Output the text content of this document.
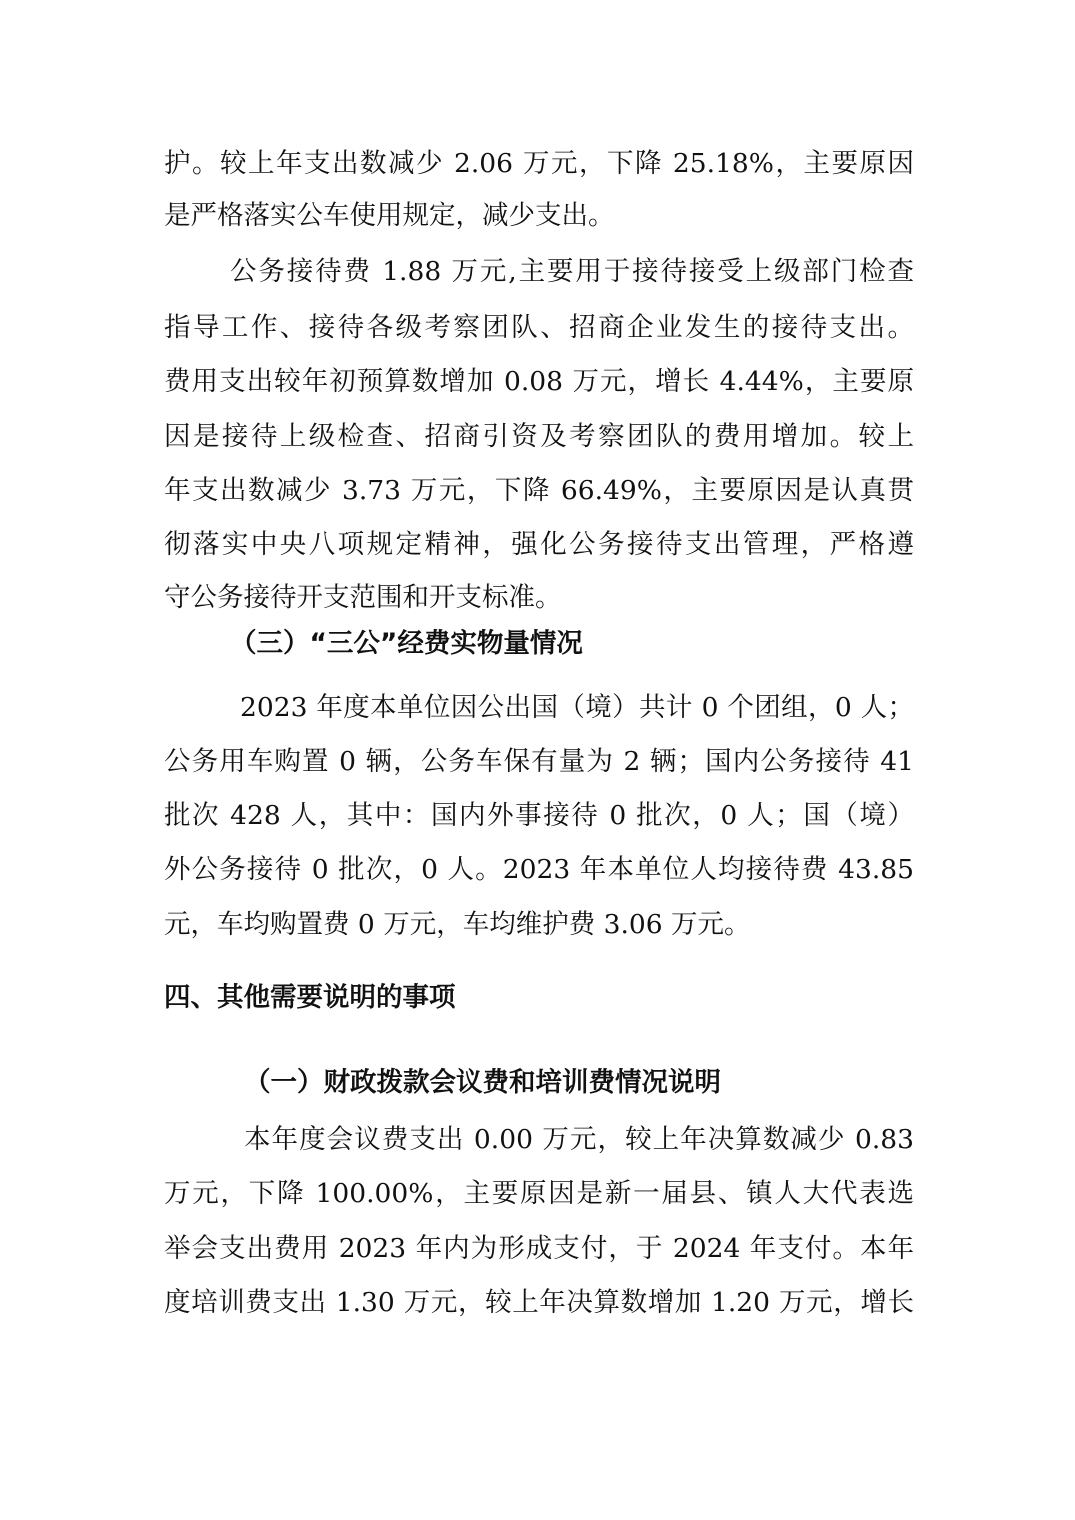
护。较上年支出数减少 2.06 万元，下降 25.18%，主要原因
是严格落实公车使用规定，减少支出。
公务接待费 1.88 万元,主要用于接待接受上级部门检查
指导工作、接待各级考察团队、招商企业发生的接待支出。
费用支出较年初预算数增加 0.08 万元，增长 4.44%，主要原
因是接待上级检查、招商引资及考察团队的费用增加。较上
年支出数减少 3.73 万元，下降 66.49%，主要原因是认真贯
彻落实中央八项规定精神，强化公务接待支出管理，严格遵
守公务接待开支范围和开支标准。
（三）“三公”经费实物量情况
2023 年度本单位因公出国（境）共计 0 个团组，0 人；
公务用车购置 0 辆，公务车保有量为 2 辆；国内公务接待 41
批次 428 人，其中：国内外事接待 0 批次，0 人；国（境）
外公务接待 0 批次，0 人。2023 年本单位人均接待费 43.85
元，车均购置费 0 万元，车均维护费 3.06 万元。
四、其他需要说明的事项
（一）财政拨款会议费和培训费情况说明
本年度会议费支出 0.00 万元，较上年决算数减少 0.83
万元，下降 100.00%，主要原因是新一届县、镇人大代表选
举会支出费用 2023 年内为形成支付，于 2024 年支付。本年
度培训费支出 1.30 万元，较上年决算数增加 1.20 万元，增长
